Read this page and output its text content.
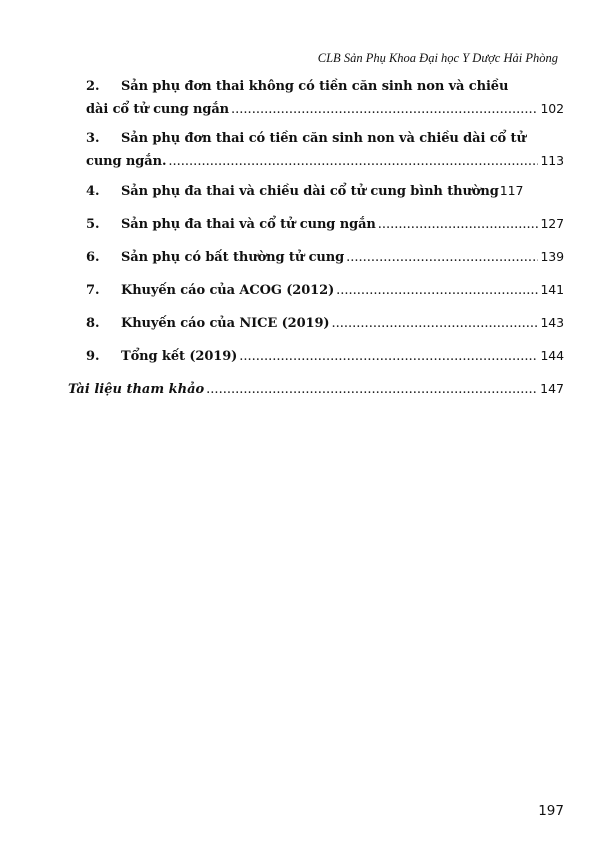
CLB Sản Phụ Khoa Đại học Y Dược Hải Phòng
2.	Sản phụ đơn thai không có tiền căn sinh non và chiều
dài cổ tử cung ngắn .....	102
3.	Sản phụ đơn thai có tiền căn sinh non và chiều dài cổ tử
cung ngắn. .....	113
4.	Sản phụ đa thai và chiều dài cổ tử cung bình thường 117
5.	Sản phụ đa thai và cổ tử cung ngắn .....	127
6.	Sản phụ có bất thường tử cung .....	139
7.	Khuyến cáo của ACOG (2012) .....	141
8.	Khuyến cáo của NICE (2019) .....	143
9.	Tổng kết (2019) .....	144
Tài liệu tham khảo .....	147
197
